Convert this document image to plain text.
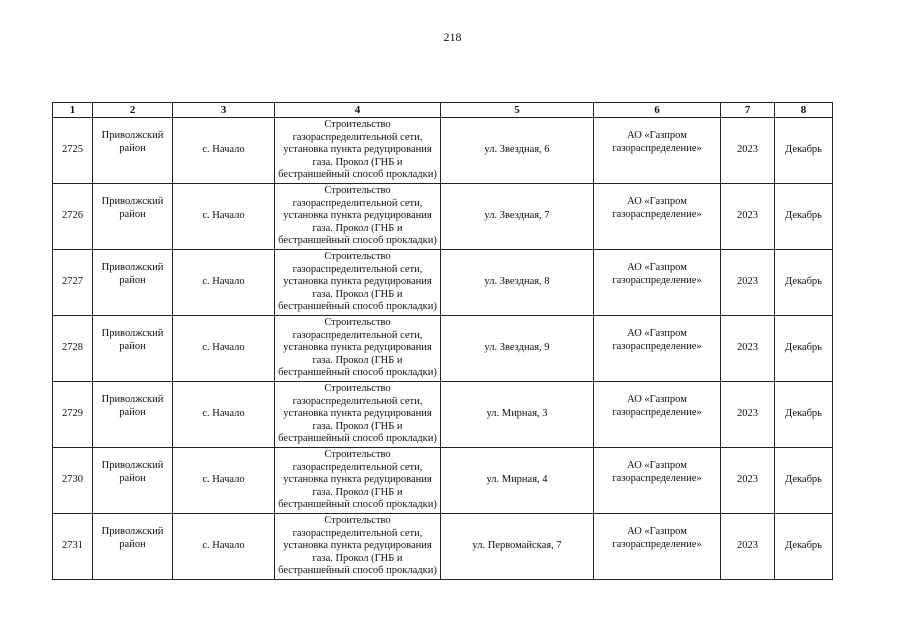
218
1	2	3	4	5	6	7	8
2725	Приволжский район	с. Начало	Строительство газораспределительной сети, установка пункта редуцирования газа. Прокол (ГНБ и бестраншейный способ прокладки)	ул. Звездная, 6	АО «Газпром газораспределение»	2023	Декабрь
2726	Приволжский район	с. Начало	Строительство газораспределительной сети, установка пункта редуцирования газа. Прокол (ГНБ и бестраншейный способ прокладки)	ул. Звездная, 7	АО «Газпром газораспределение»	2023	Декабрь
2727	Приволжский район	с. Начало	Строительство газораспределительной сети, установка пункта редуцирования газа. Прокол (ГНБ и бестраншейный способ прокладки)	ул. Звездная, 8	АО «Газпром газораспределение»	2023	Декабрь
2728	Приволжский район	с. Начало	Строительство газораспределительной сети, установка пункта редуцирования газа. Прокол (ГНБ и бестраншейный способ прокладки)	ул. Звездная, 9	АО «Газпром газораспределение»	2023	Декабрь
2729	Приволжский район	с. Начало	Строительство газораспределительной сети, установка пункта редуцирования газа. Прокол (ГНБ и бестраншейный способ прокладки)	ул. Мирная, 3	АО «Газпром газораспределение»	2023	Декабрь
2730	Приволжский район	с. Начало	Строительство газораспределительной сети, установка пункта редуцирования газа. Прокол (ГНБ и бестраншейный способ прокладки)	ул. Мирная, 4	АО «Газпром газораспределение»	2023	Декабрь
2731	Приволжский район	с. Начало	Строительство газораспределительной сети, установка пункта редуцирования газа. Прокол (ГНБ и бестраншейный способ прокладки)	ул. Первомайская, 7	АО «Газпром газораспределение»	2023	Декабрь
